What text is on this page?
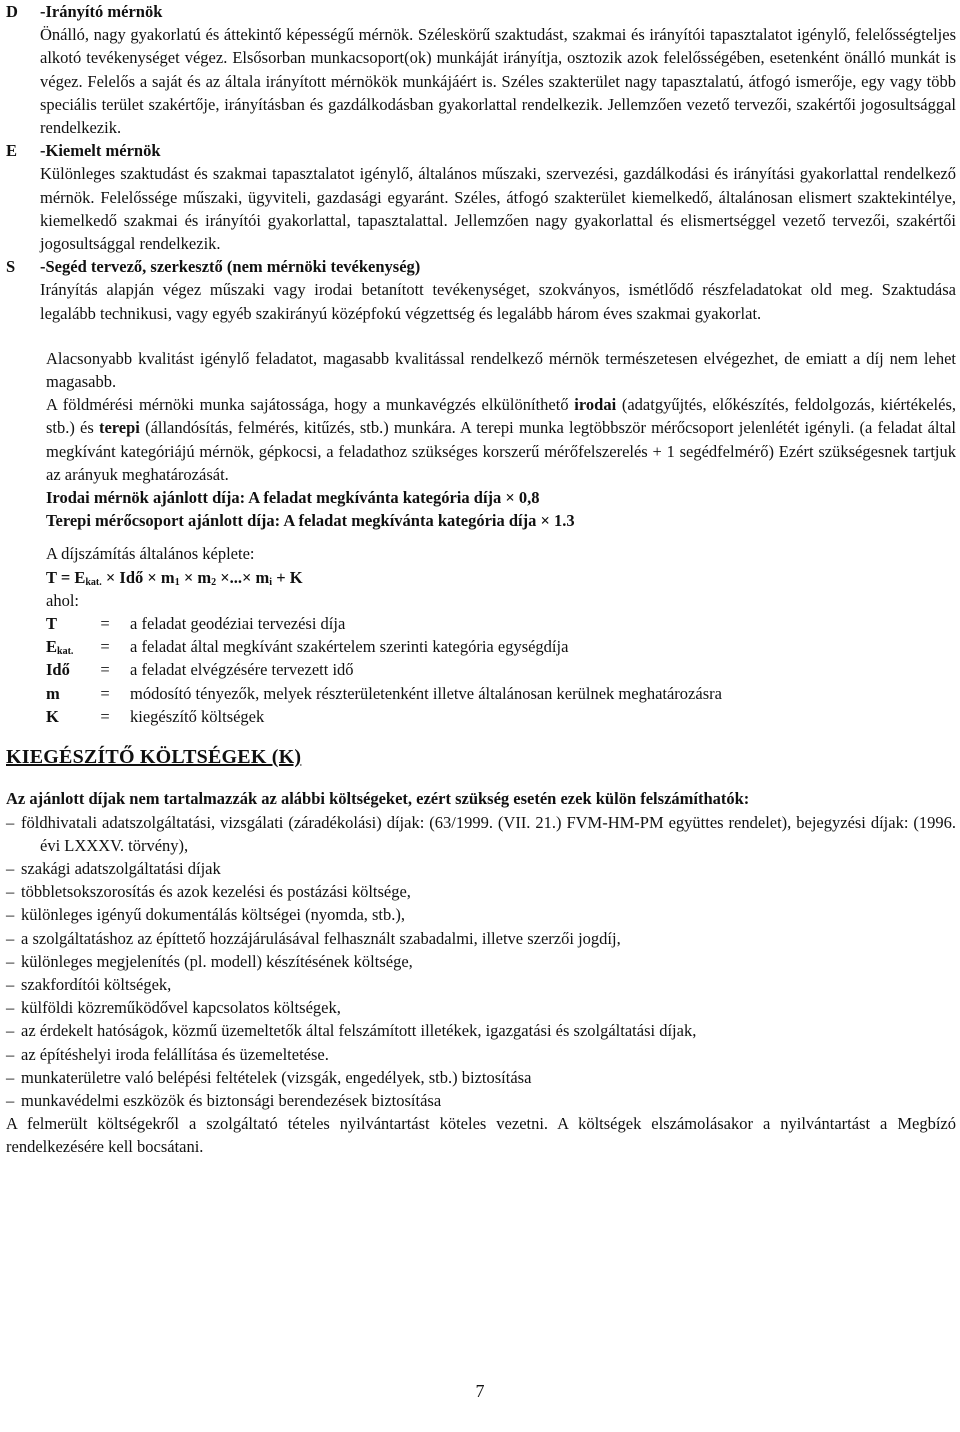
D	-Irányító mérnök
Önálló, nagy gyakorlatú és áttekintő képességű mérnök. Széleskörű szaktudást, szakmai és irányítói tapasztalatot igénylő, felelősségteljes alkotó tevékenységet végez. Elsősorban munkacsoport(ok) munkáját irányítja, osztozik azok felelősségében, esetenként önálló munkát is végez. Felelős a saját és az általa irányított mérnökök munkájáért is. Széles szakterület nagy tapasztalatú, átfogó ismerője, egy vagy több speciális terület szakértője, irányításban és gazdálkodásban gyakorlattal rendelkezik. Jellemzően vezető tervezői, szakértői jogosultsággal rendelkezik.
E	-Kiemelt mérnök
Különleges szaktudást és szakmai tapasztalatot igénylő, általános műszaki, szervezési, gazdálkodási és irányítási gyakorlattal rendelkező mérnök. Felelőssége műszaki, ügyviteli, gazdasági egyaránt. Széles, átfogó szakterület kiemelkedő, általánosan elismert szaktekintélye, kiemelkedő szakmai és irányítói gyakorlattal, tapasztalattal. Jellemzően nagy gyakorlattal és elismertséggel vezető tervezői, szakértői jogosultsággal rendelkezik.
S	-Segéd tervező, szerkesztő (nem mérnöki tevékenység)
Irányítás alapján végez műszaki vagy irodai betanított tevékenységet, szokványos, ismétlődő részfeladatokat old meg. Szaktudása legalább technikusi, vagy egyéb szakirányú középfokú végzettség és legalább három éves szakmai gyakorlat.
Alacsonyabb kvalitást igénylő feladatot, magasabb kvalitással rendelkező mérnök természetesen elvégezhet, de emiatt a díj nem lehet magasabb.
A földmérési mérnöki munka sajátossága, hogy a munkavégzés elkülöníthető irodai (adatgyűjtés, előkészítés, feldolgozás, kiértékelés, stb.) és terepi (állandósítás, felmérés, kitűzés, stb.) munkára. A terepi munka legtöbbször mérőcsoport jelenlétét igényli. (a feladat által megkívánt kategóriájú mérnök, gépkocsi, a feladathoz szükséges korszerű mérőfelszerelés + 1 segédfelmérő) Ezért szükségesnek tartjuk az arányuk meghatározását.
Irodai mérnök ajánlott díja: A feladat megkívánta kategória díja × 0,8
Terepi mérőcsoport ajánlott díja: A feladat megkívánta kategória díja × 1.3
A díjszámítás általános képlete:
$T = E_{kat.}$ × Idő × $m_1 \times m_2$ ×...× $m_i + K$
ahol:
T	=	a feladat geodéziai tervezési díja
$E_{kat.}$	=	a feladat által megkívánt szakértelem szerinti kategória egységdíja
Idő	=	a feladat elvégzésére tervezett idő
m	=	módosító tényezők, melyek részterületenként illetve általánosan kerülnek meghatározásra
K	=	kiegészítő költségek
KIEGÉSZÍTŐ KÖLTSÉGEK (K)
Az ajánlott díjak nem tartalmazzák az alábbi költségeket, ezért szükség esetén ezek külön felszámíthatók:
– földhivatali adatszolgáltatási, vizsgálati (záradékolási) díjak: (63/1999. (VII. 21.) FVM-HM-PM együttes rendelet), bejegyzési díjak: (1996. évi LXXXV. törvény),
– szakági adatszolgáltatási díjak
– többletsokszorosítás és azok kezelési és postázási költsége,
– különleges igényű dokumentálás költségei (nyomda, stb.),
– a szolgáltatáshoz az építtető hozzájárulásával felhasznált szabadalmi, illetve szerzői jogdíj,
– különleges megjelenítés (pl. modell) készítésének költsége,
– szakfordítói költségek,
– külföldi közreműködővel kapcsolatos költségek,
– az érdekelt hatóságok, közmű üzemeltetők által felszámított illetékek, igazgatási és szolgáltatási díjak,
– az építéshelyi iroda felállítása és üzemeltetése.
– munkaterületre való belépési feltételek (vizsgák, engedélyek, stb.) biztosítása
– munkavédelmi eszközök és biztonsági berendezések biztosítása
A felmerült költségekről a szolgáltató tételes nyilvántartást köteles vezetni. A költségek elszámolásakor a nyilvántartást a Megbízó rendelkezésére kell bocsátani.
7
